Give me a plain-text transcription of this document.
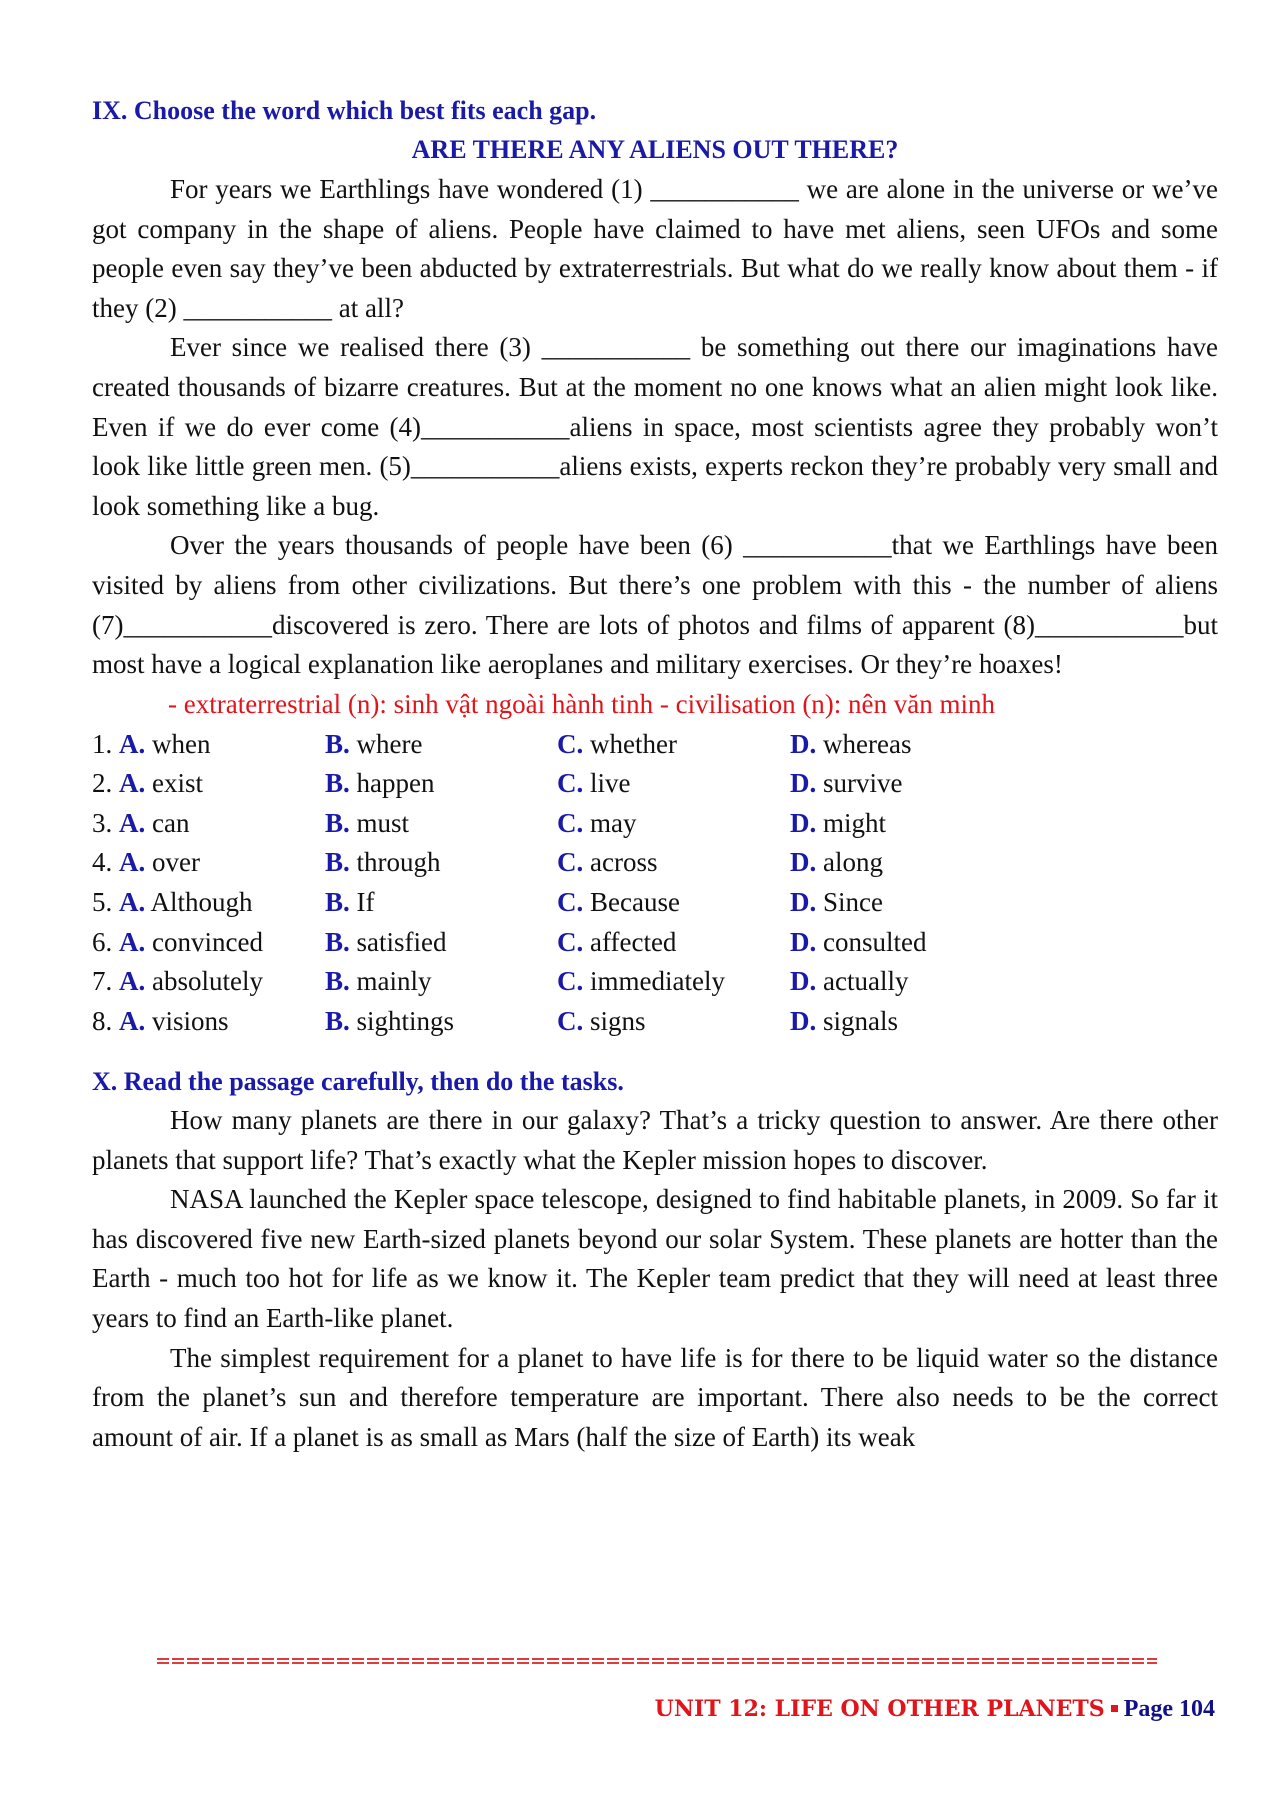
IX. Choose the word which best fits each gap.
ARE THERE ANY ALIENS OUT THERE?

For years we Earthlings have wondered (1) ___________ we are alone in the universe or we’ve got company in the shape of aliens. People have claimed to have met aliens, seen UFOs and some people even say they’ve been abducted by extraterrestrials. But what do we really know about them - if they (2) ___________ at all?

Ever since we realised there (3) ___________ be something out there our imaginations have created thousands of bizarre creatures. But at the moment no one knows what an alien might look like. Even if we do ever come (4)___________aliens in space, most scientists agree they probably won’t look like little green men. (5)___________aliens exists, experts reckon they’re probably very small and look something like a bug.

Over the years thousands of people have been (6) ___________that we Earthlings have been visited by aliens from other civilizations. But there’s one problem with this - the number of aliens (7)___________discovered is zero. There are lots of photos and films of apparent (8)___________but most have a logical explanation like aeroplanes and military exercises. Or they’re hoaxes!

- extraterrestrial (n): sinh vật ngoài hành tinh - civilisation (n): nên văn minh
1. A. when	B. where	C. whether	D. whereas
2. A. exist	B. happen	C. live	D. survive
3. A. can	B. must	C. may	D. might
4. A. over	B. through	C. across	D. along
5. A. Although	B. If	C. Because	D. Since
6. A. convinced	B. satisfied	C. affected	D. consulted
7. A. absolutely	B. mainly	C. immediately	D. actually
8. A. visions	B. sightings	C. signs	D. signals
X. Read the passage carefully, then do the tasks.

How many planets are there in our galaxy? That’s a tricky question to answer. Are there other planets that support life? That’s exactly what the Kepler mission hopes to discover.

NASA launched the Kepler space telescope, designed to find habitable planets, in 2009. So far it has discovered five new Earth-sized planets beyond our solar System. These planets are hotter than the Earth - much too hot for life as we know it. The Kepler team predict that they will need at least three years to find an Earth-like planet.

The simplest requirement for a planet to have life is for there to be liquid water so the distance from the planet’s sun and therefore temperature are important. There also needs to be the correct amount of air. If a planet is as small as Mars (half the size of Earth) its weak

UNIT 12: LIFE ON OTHER PLANETS Page 104
